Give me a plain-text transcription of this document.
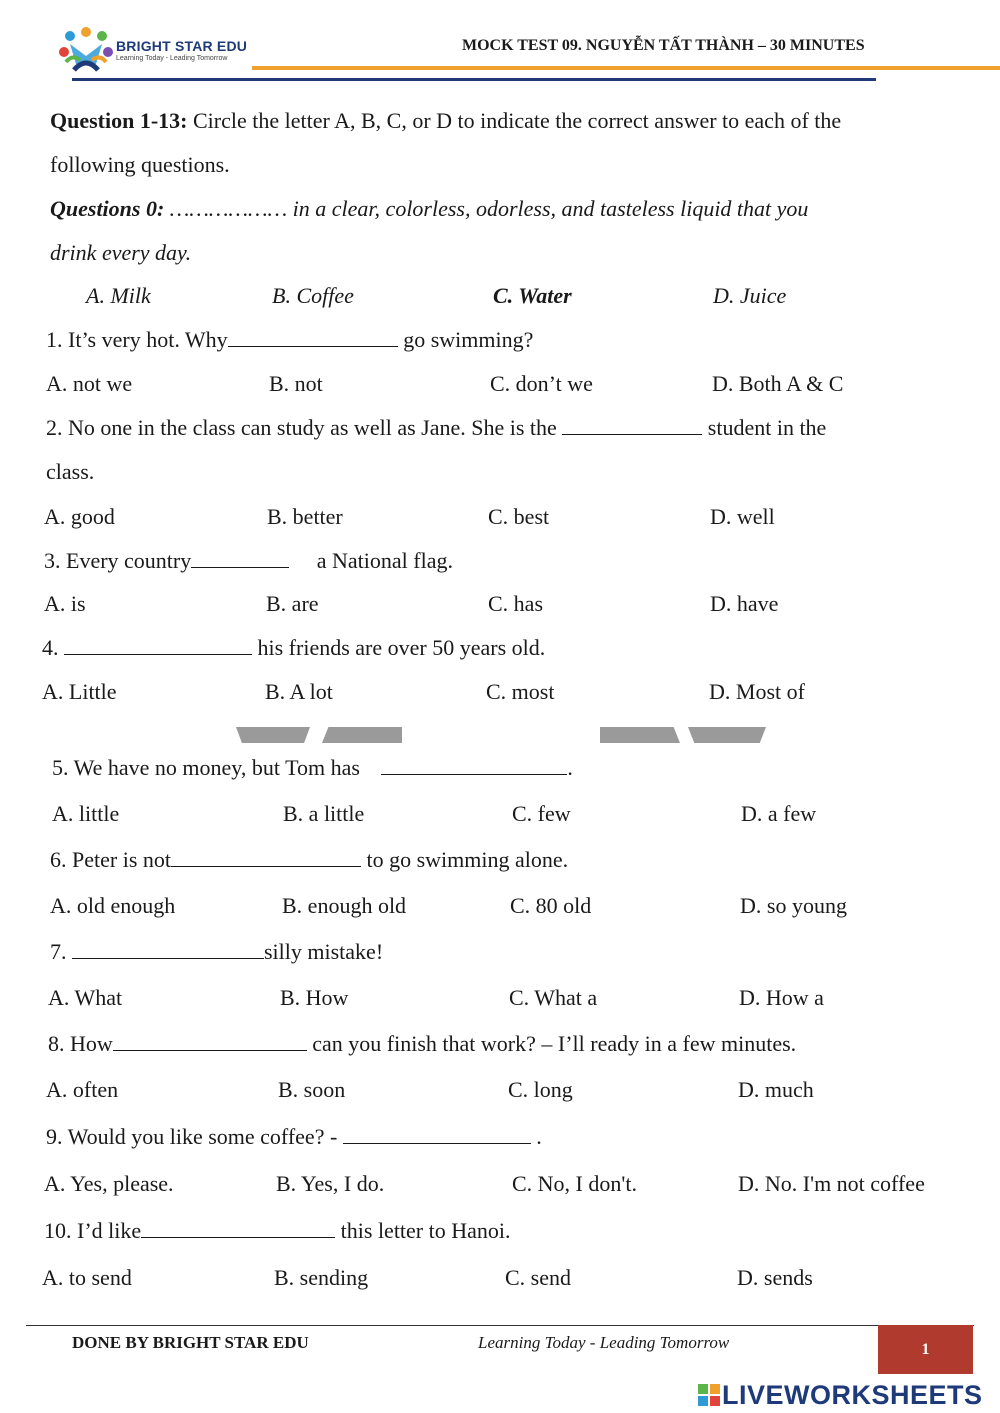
BRIGHT STAR EDU
Learning Today - Leading Tomorrow
MOCK TEST 09. NGUYỄN TẤT THÀNH – 30 MINUTES
Question 1-13: Circle the letter A, B, C, or D to indicate the correct answer to each of the
following questions.
Questions 0: ……………… in a clear, colorless, odorless, and tasteless liquid that you
drink every day.
A. Milk	B. Coffee	C. Water	D. Juice
1. It’s very hot. Why	go swimming?
A. not we	B. not	C. don’t we	D. Both A & C
2. No one in the class can study as well as Jane. She is the	student in the
class.
A. good	B. better	C. best	D. well
3. Every country	a National flag.
A. is	B. are	C. has	D. have
4.	his friends are over 50 years old.
A. Little	B. A lot	C. most	D. Most of
5. We have no money, but Tom has	.
A. little	B. a little	C. few	D. a few
6. Peter is not	to go swimming alone.
A. old enough	B. enough old	C. 80 old	D. so young
7.	silly mistake!
A. What	B. How	C. What a	D. How a
8. How	can you finish that work? – I’ll ready in a few minutes.
A. often	B. soon	C. long	D. much
9. Would you like some coffee? -	.
A. Yes, please.	B. Yes, I do.	C. No, I don't.	D. No. I'm not coffee
10. I’d like	this letter to Hanoi.
A. to send	B. sending	C. send	D. sends
DONE BY BRIGHT STAR EDU	Learning Today - Leading Tomorrow	1
LIVEWORKSHEETS
